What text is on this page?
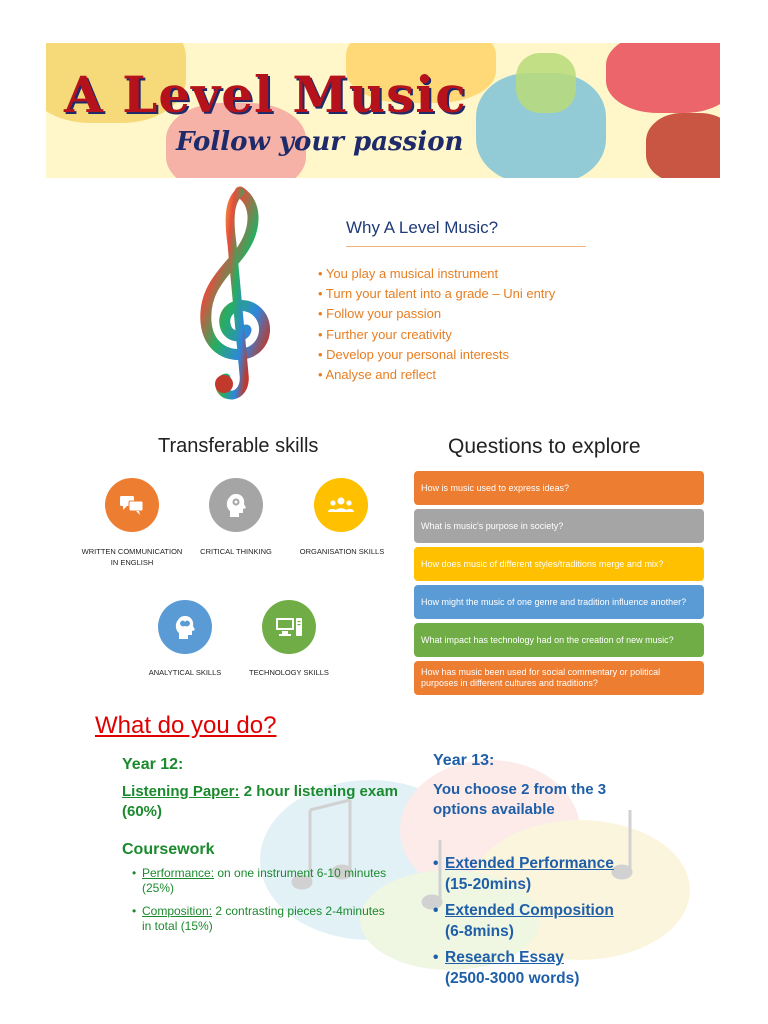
A Level Music
Follow your passion
Why A Level Music?
• You play a musical instrument
• Turn your talent into a grade – Uni entry
• Follow your passion
• Further your creativity
• Develop your personal interests
• Analyse and reflect
Transferable skills	Questions to explore
WRITTEN COMMUNICATION IN ENGLISH
CRITICAL THINKING	ORGANISATION SKILLS
ANALYTICAL SKILLS	TECHNOLOGY SKILLS
How is music used to express ideas?
What is music's purpose in society?
How does music of different styles/traditions merge and mix?
How might the music of one genre and tradition influence another?
What impact has technology had on the creation of new music?
How has music been used for social commentary or political purposes in different cultures and traditions?
What do you do?
Year 12:
Listening Paper: 2 hour listening exam (60%)
Coursework
• Performance: on one instrument 6-10 minutes (25%)
• Composition: 2 contrasting pieces 2-4minutes in total (15%)
Year 13:
You choose 2 from the 3 options available
• Extended Performance
(15-20mins)
• Extended Composition
(6-8mins)
• Research Essay
(2500-3000 words)
